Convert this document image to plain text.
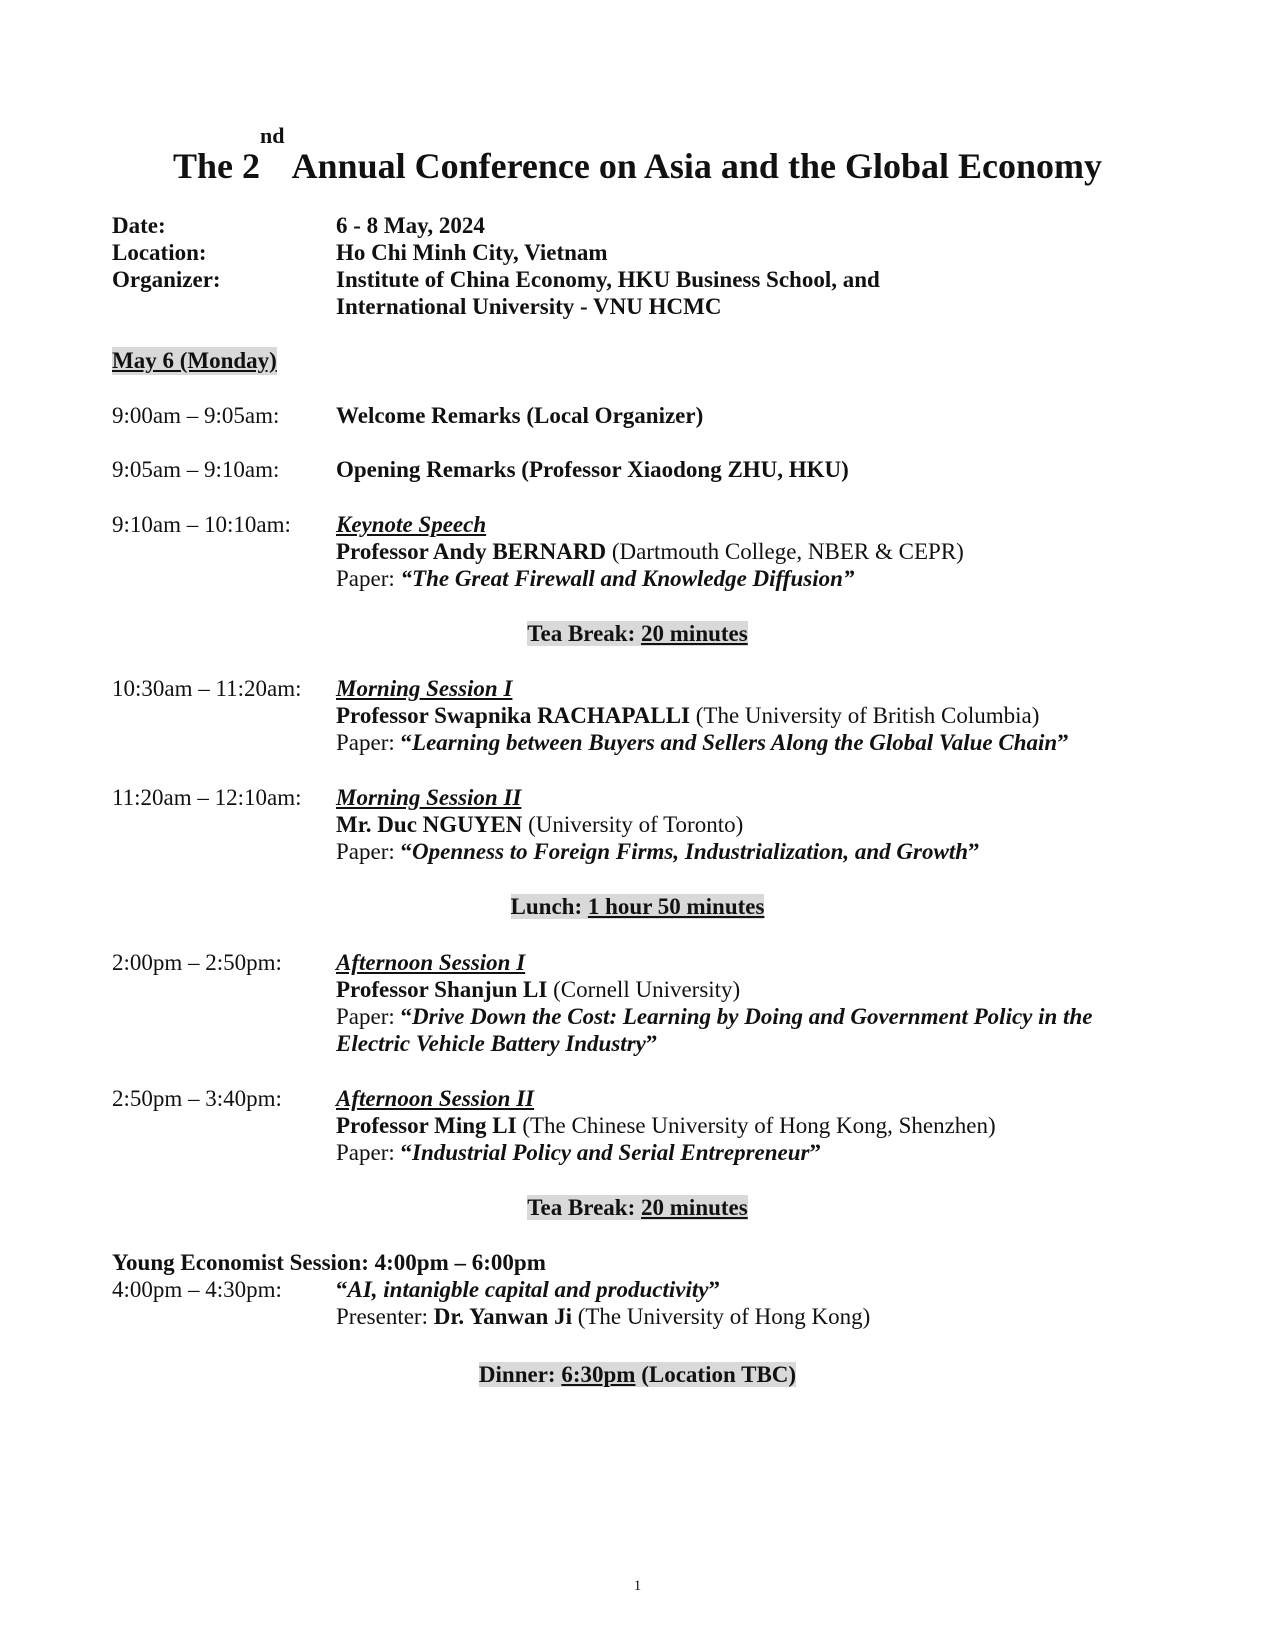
The 2nd Annual Conference on Asia and the Global Economy
Date:	6 - 8 May, 2024
Location:	Ho Chi Minh City, Vietnam
Organizer:	Institute of China Economy, HKU Business School, and
International University - VNU HCMC
May 6 (Monday)
9:00am – 9:05am: Welcome Remarks (Local Organizer)
9:05am – 9:10am: Opening Remarks (Professor Xiaodong ZHU, HKU)
9:10am – 10:10am: Keynote Speech
Professor Andy BERNARD (Dartmouth College, NBER & CEPR)
Paper: “The Great Firewall and Knowledge Diffusion”
Tea Break: 20 minutes
10:30am – 11:20am: Morning Session I
Professor Swapnika RACHAPALLI (The University of British Columbia)
Paper: “Learning between Buyers and Sellers Along the Global Value Chain”
11:20am – 12:10am: Morning Session II
Mr. Duc NGUYEN (University of Toronto)
Paper: “Openness to Foreign Firms, Industrialization, and Growth”
Lunch: 1 hour 50 minutes
2:00pm – 2:50pm: Afternoon Session I
Professor Shanjun LI (Cornell University)
Paper: “Drive Down the Cost: Learning by Doing and Government Policy in the
Electric Vehicle Battery Industry”
2:50pm – 3:40pm: Afternoon Session II
Professor Ming LI (The Chinese University of Hong Kong, Shenzhen)
Paper: “Industrial Policy and Serial Entrepreneur”
Tea Break: 20 minutes
Young Economist Session: 4:00pm – 6:00pm
4:00pm – 4:30pm: “AI, intanigble capital and productivity”
Presenter: Dr. Yanwan Ji (The University of Hong Kong)
Dinner: 6:30pm (Location TBC)
1
